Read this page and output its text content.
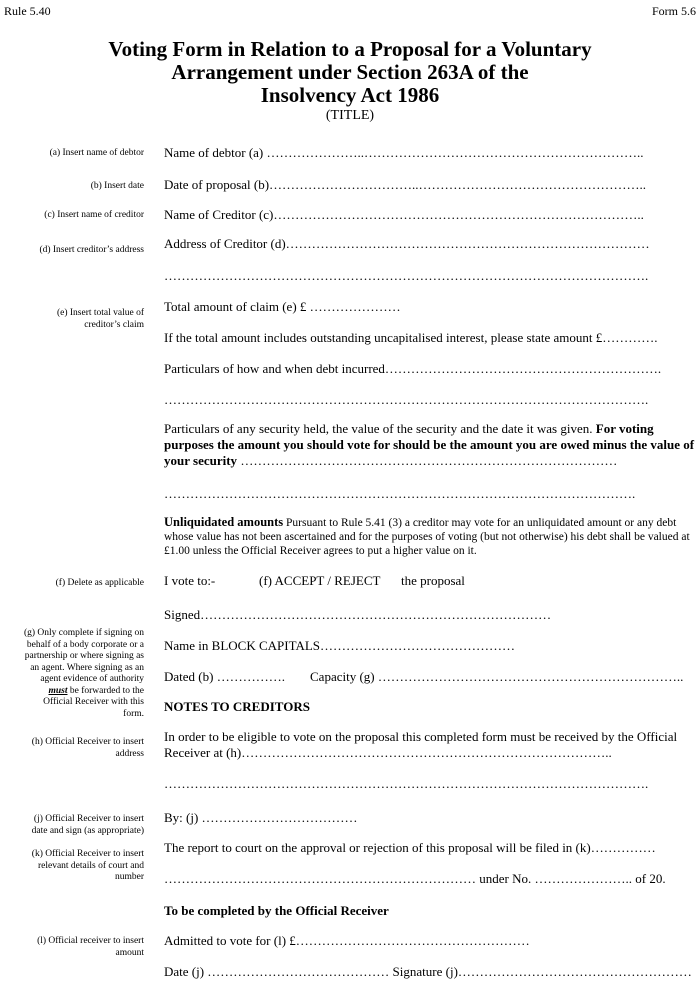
Rule 5.40	Form 5.6
Voting Form in Relation to a Proposal for a Voluntary
Arrangement under Section 263A of the
Insolvency Act 1986
(TITLE)
(a) Insert name of debtor
(b) Insert date
(c) Insert name of creditor
(d) Insert creditor’s address
(e) Insert total value of
creditor’s claim
(f) Delete as applicable
(g) Only complete if signing on
behalf of a body corporate or a
partnership or where signing as
an agent. Where signing as an
agent evidence of authority
must be forwarded to the
Official Receiver with this
form.
(h) Official Receiver to insert
address
(j) Official Receiver to insert
date and sign (as appropriate)
(k) Official Receiver to insert
relevant details of court and
number
(l) Official receiver to insert
amount
Name of debtor (a) …………………..………………………………………………………..
Date of proposal (b)……………………………..……………………………………………..
Name of Creditor (c)…………………………………………………………………………..
Address of Creditor (d)…………………………………………………………………………
………………………………………………………………………………………………….
Total amount of claim (e) £ …………………
If the total amount includes outstanding uncapitalised interest, please state amount £………….
Particulars of how and when debt incurred……………………………………………………….
………………………………………………………………………………………………….
Particulars of any security held, the value of the security and the date it was given. For voting purposes the amount you should vote for should be the amount you are owed minus the value of your security ……………………………………………………………………………
……………………………………………………………………………………………….
Unliquidated amounts Pursuant to Rule 5.41 (3) a creditor may vote for an unliquidated amount or any debt whose value has not been ascertained and for the purposes of voting (but not otherwise) his debt shall be valued at £1.00 unless the Official Receiver agrees to put a higher value on it.
I vote to:-	(f) ACCEPT / REJECT the proposal
Signed………………………………………………………………………
Name in BLOCK CAPITALS………………………………………
Dated (b) ……………. Capacity (g) ……………………………………………………………..
NOTES TO CREDITORS
In order to be eligible to vote on the proposal this completed form must be received by the Official Receiver at (h)…………………………………………………………………………..
………………………………………………………………………………………………….
By: (j) ………………………………
The report to court on the approval or rejection of this proposal will be filed in (k)……………
……………………………………………………………… under No. ………………….. of 20.
To be completed by the Official Receiver
Admitted to vote for (l) £………………………………………………
Date (j) …………………………………… Signature (j)………………………………………………
